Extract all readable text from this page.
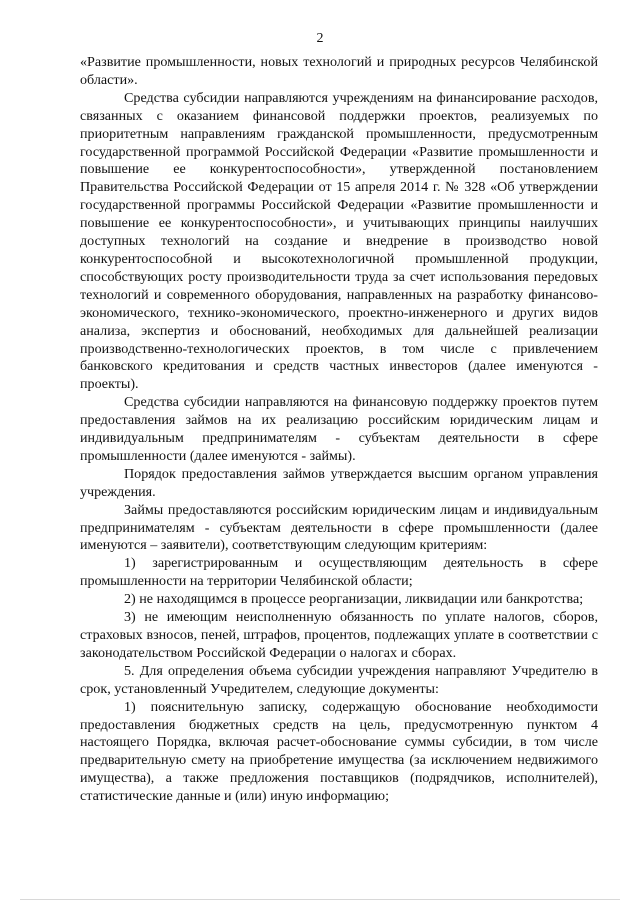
2

«Развитие промышленности, новых технологий и природных ресурсов Челябинской области».

Средства субсидии направляются учреждениям на финансирование расходов, связанных с оказанием финансовой поддержки проектов, реализуемых по приоритетным направлениям гражданской промышленности, предусмотренным государственной программой Российской Федерации «Развитие промышленности и повышение ее конкурентоспособности», утвержденной постановлением Правительства Российской Федерации от 15 апреля 2014 г. № 328 «Об утверждении государственной программы Российской Федерации «Развитие промышленности и повышение ее конкурентоспособности», и учитывающих принципы наилучших доступных технологий на создание и внедрение в производство новой конкурентоспособной и высокотехнологичной промышленной продукции, способствующих росту производительности труда за счет использования передовых технологий и современного оборудования, направленных на разработку финансово-экономического, технико-экономического, проектно-инженерного и других видов анализа, экспертиз и обоснований, необходимых для дальнейшей реализации производственно-технологических проектов, в том числе с привлечением банковского кредитования и средств частных инвесторов (далее именуются - проекты).

Средства субсидии направляются на финансовую поддержку проектов путем предоставления займов на их реализацию российским юридическим лицам и индивидуальным предпринимателям - субъектам деятельности в сфере промышленности (далее именуются - займы).

Порядок предоставления займов утверждается высшим органом управления учреждения.

Займы предоставляются российским юридическим лицам и индивидуальным предпринимателям - субъектам деятельности в сфере промышленности (далее именуются – заявители), соответствующим следующим критериям:

1) зарегистрированным и осуществляющим деятельность в сфере промышленности на территории Челябинской области;

2) не находящимся в процессе реорганизации, ликвидации или банкротства;

3) не имеющим неисполненную обязанность по уплате налогов, сборов, страховых взносов, пеней, штрафов, процентов, подлежащих уплате в соответствии с законодательством Российской Федерации о налогах и сборах.

5. Для определения объема субсидии учреждения направляют Учредителю в срок, установленный Учредителем, следующие документы:

1) пояснительную записку, содержащую обоснование необходимости предоставления бюджетных средств на цель, предусмотренную пунктом 4 настоящего Порядка, включая расчет-обоснование суммы субсидии, в том числе предварительную смету на приобретение имущества (за исключением недвижимого имущества), а также предложения поставщиков (подрядчиков, исполнителей), статистические данные и (или) иную информацию;
